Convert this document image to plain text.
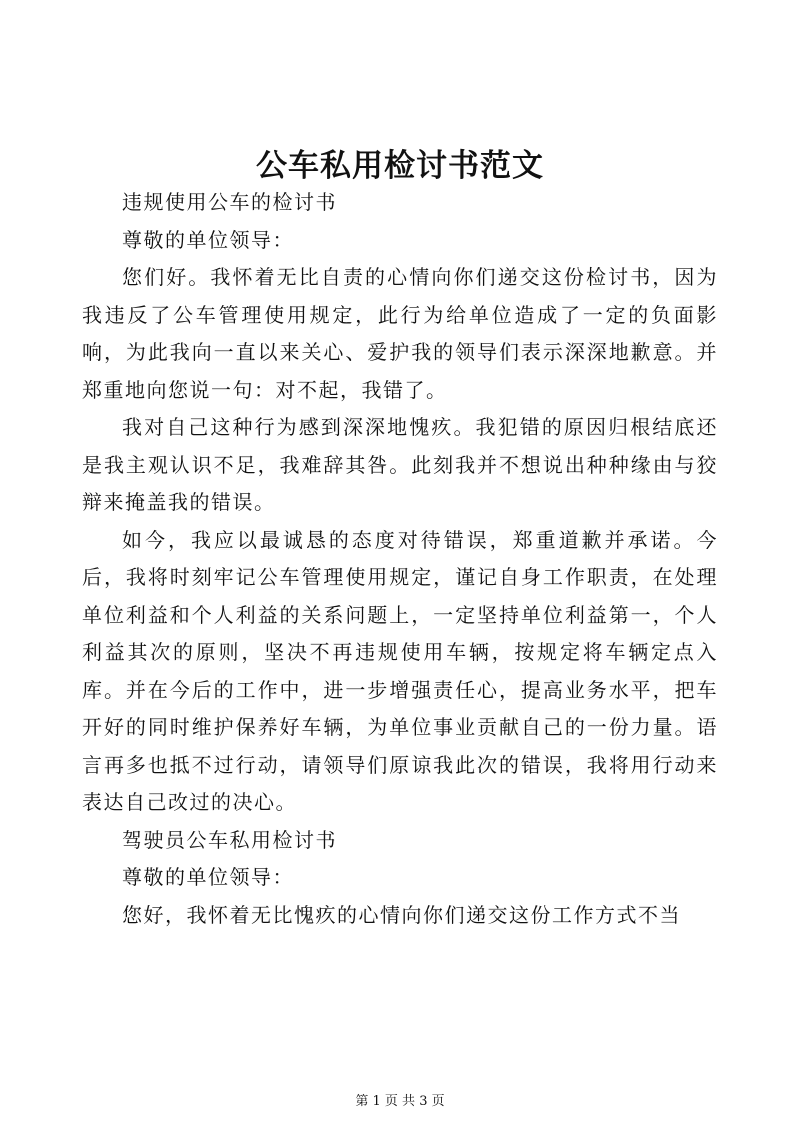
公车私用检讨书范文

违规使用公车的检讨书

尊敬的单位领导：

您们好。我怀着无比自责的心情向你们递交这份检讨书，因为我违反了公车管理使用规定，此行为给单位造成了一定的负面影响，为此我向一直以来关心、爱护我的领导们表示深深地歉意。并郑重地向您说一句：对不起，我错了。

我对自己这种行为感到深深地愧疚。我犯错的原因归根结底还是我主观认识不足，我难辞其咎。此刻我并不想说出种种缘由与狡辩来掩盖我的错误。

如今，我应以最诚恳的态度对待错误，郑重道歉并承诺。今后，我将时刻牢记公车管理使用规定，谨记自身工作职责，在处理单位利益和个人利益的关系问题上，一定坚持单位利益第一，个人利益其次的原则，坚决不再违规使用车辆，按规定将车辆定点入库。并在今后的工作中，进一步增强责任心，提高业务水平，把车开好的同时维护保养好车辆，为单位事业贡献自己的一份力量。语言再多也抵不过行动，请领导们原谅我此次的错误，我将用行动来表达自己改过的决心。

驾驶员公车私用检讨书

尊敬的单位领导：

您好，我怀着无比愧疚的心情向你们递交这份工作方式不当

第 1 页 共 3 页
